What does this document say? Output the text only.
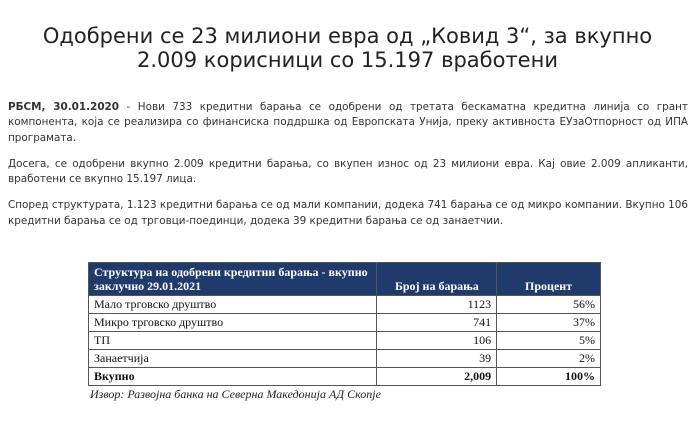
Одобрени се 23 милиони евра од „Ковид 3“, за вкупно
2.009 корисници со 15.197 вработени

РБСМ, 30.01.2020 - Нови 733 кредитни барања се одобрени од третата бескаматна кредитна линија со грант компонента, која се реализира со финансиска поддршка од Европската Унија, преку активноста ЕУзаОтпорност од ИПА програмата.

Досега, се одобрени вкупно 2.009 кредитни барања, со вкупен износ од 23 милиони евра. Кај овие 2.009 апликанти, вработени се вкупно 15.197 лица.

Според структурата, 1.123 кредитни барања се од мали компании, додека 741 барања се од микро компании. Вкупно 106 кредитни барања се од трговци-поединци, додека 39 кредитни барања се од занаетчии.

Структура на одобрени кредитни барања - вкупно заклучно 29.01.2021	Број на барања	Процент
Мало трговско друштво	1123	56%
Микро трговско друштво	741	37%
ТП	106	5%
Занаетчија	39	2%
Вкупно	2,009	100%
Извор: Развојна банка на Северна Македонија АД Скопје
